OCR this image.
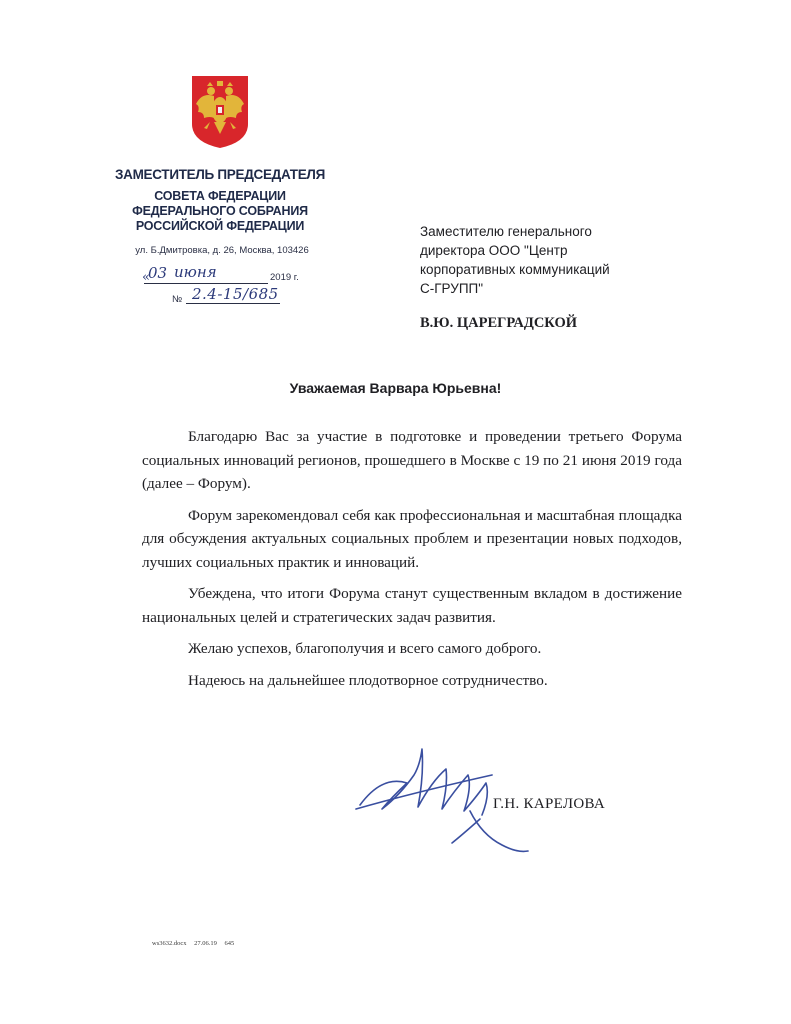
ЗАМЕСТИТЕЛЬ ПРЕДСЕДАТЕЛЯ
СОВЕТА ФЕДЕРАЦИИ
ФЕДЕРАЛЬНОГО СОБРАНИЯ
РОССИЙСКОЙ ФЕДЕРАЦИИ
ул. Б.Дмитровка, д. 26, Москва, 103426
«
03 июня	2019 г.
№ 2.4-15/685
Заместителю генерального
директора ООО "Центр
корпоративных коммуникаций
С-ГРУПП"
В.Ю. ЦАРЕГРАДСКОЙ
Уважаемая Варвара Юрьевна!

Благодарю Вас за участие в подготовке и проведении третьего Форума социальных инноваций регионов, прошедшего в Москве с 19 по 21 июня 2019 года (далее – Форум).

Форум зарекомендовал себя как профессиональная и масштабная площадка для обсуждения актуальных социальных проблем и презентации новых подходов, лучших социальных практик и инноваций.

Убеждена, что итоги Форума станут существенным вкладом в достижение национальных целей и стратегических задач развития.

Желаю успехов, благополучия и всего самого доброго.

Надеюсь на дальнейшее плодотворное сотрудничество.

Г.Н. КАРЕЛОВА
ws3632.docx 27.06.19 645
